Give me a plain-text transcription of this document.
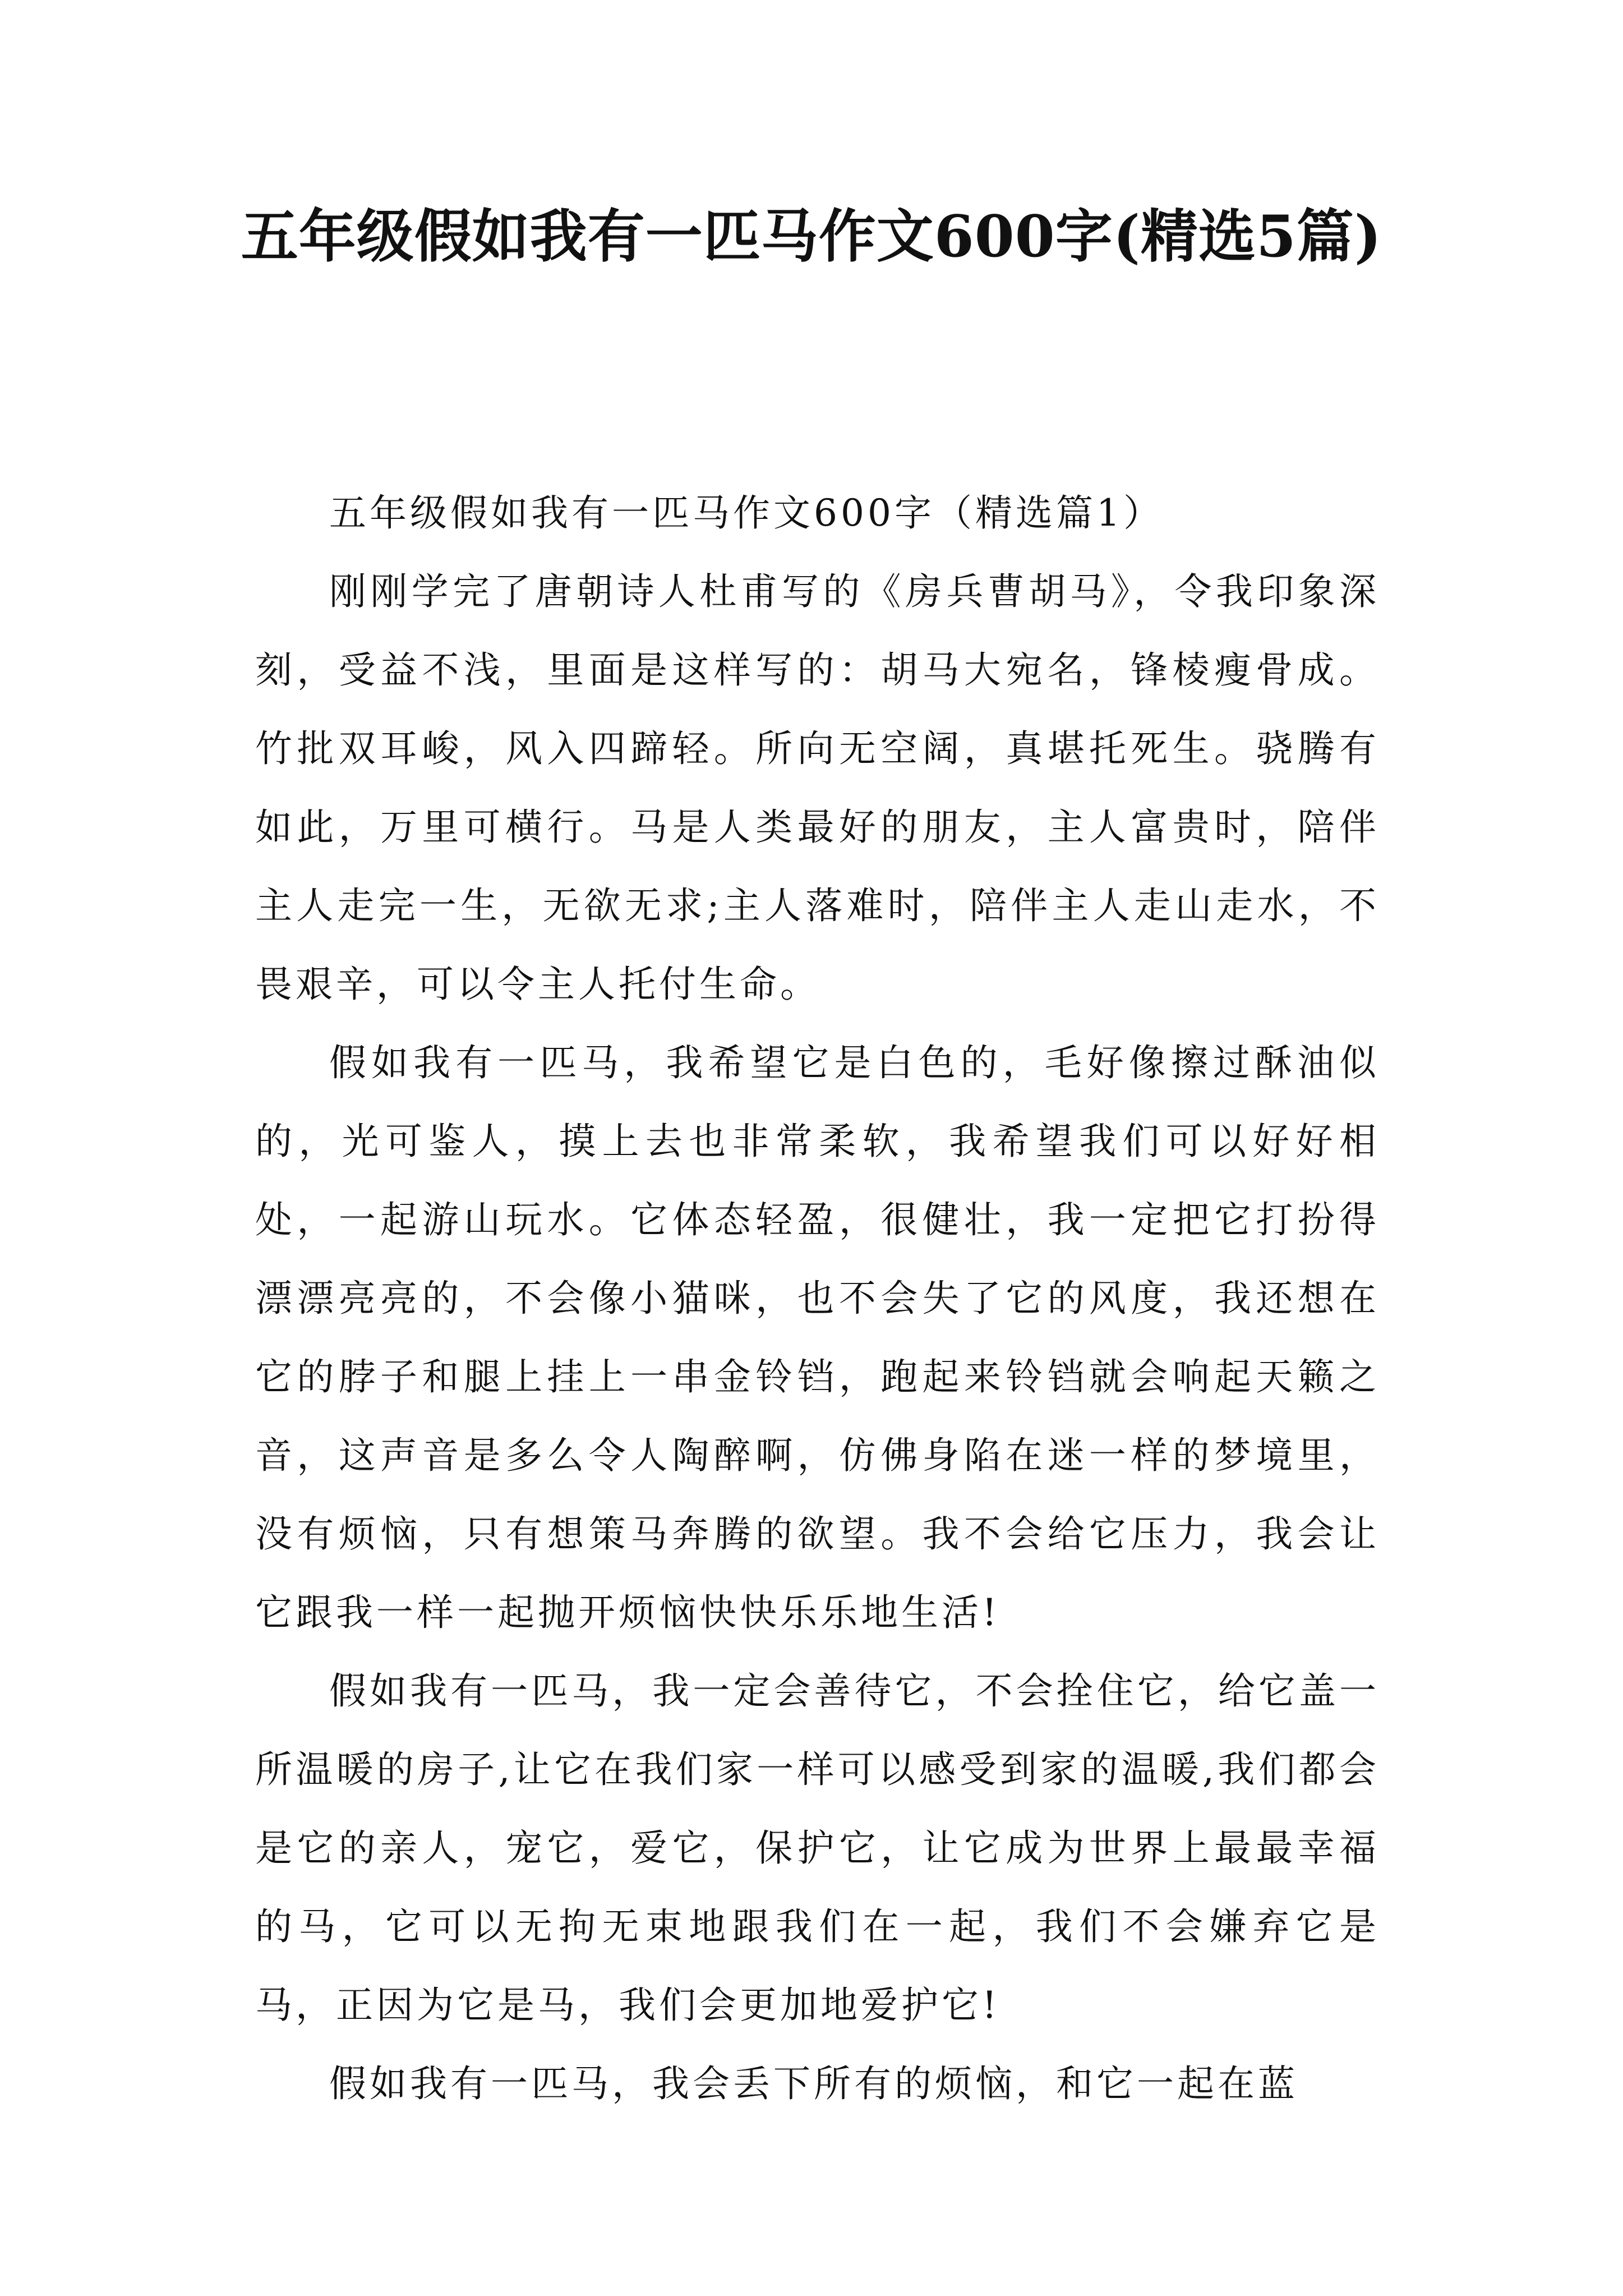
五年级假如我有一匹马作文600字(精选5篇)

五年级假如我有一匹马作文600字（精选篇1）

刚刚学完了唐朝诗人杜甫写的《房兵曹胡马》，令我印象深刻，受益不浅，里面是这样写的：胡马大宛名，锋棱瘦骨成。竹批双耳峻，风入四蹄轻。所向无空阔，真堪托死生。骁腾有如此，万里可横行。马是人类最好的朋友，主人富贵时，陪伴主人走完一生，无欲无求;主人落难时，陪伴主人走山走水，不畏艰辛，可以令主人托付生命。

假如我有一匹马，我希望它是白色的，毛好像擦过酥油似的，光可鉴人，摸上去也非常柔软，我希望我们可以好好相处，一起游山玩水。它体态轻盈，很健壮，我一定把它打扮得漂漂亮亮的，不会像小猫咪，也不会失了它的风度，我还想在它的脖子和腿上挂上一串金铃铛，跑起来铃铛就会响起天籁之音，这声音是多么令人陶醉啊，仿佛身陷在迷一样的梦境里，没有烦恼，只有想策马奔腾的欲望。我不会给它压力，我会让它跟我一样一起抛开烦恼快快乐乐地生活!

假如我有一匹马，我一定会善待它，不会拴住它，给它盖一所温暖的房子,让它在我们家一样可以感受到家的温暖,我们都会是它的亲人，宠它，爱它，保护它，让它成为世界上最最幸福的马，它可以无拘无束地跟我们在一起，我们不会嫌弃它是马，正因为它是马，我们会更加地爱护它!

假如我有一匹马，我会丢下所有的烦恼，和它一起在蓝
